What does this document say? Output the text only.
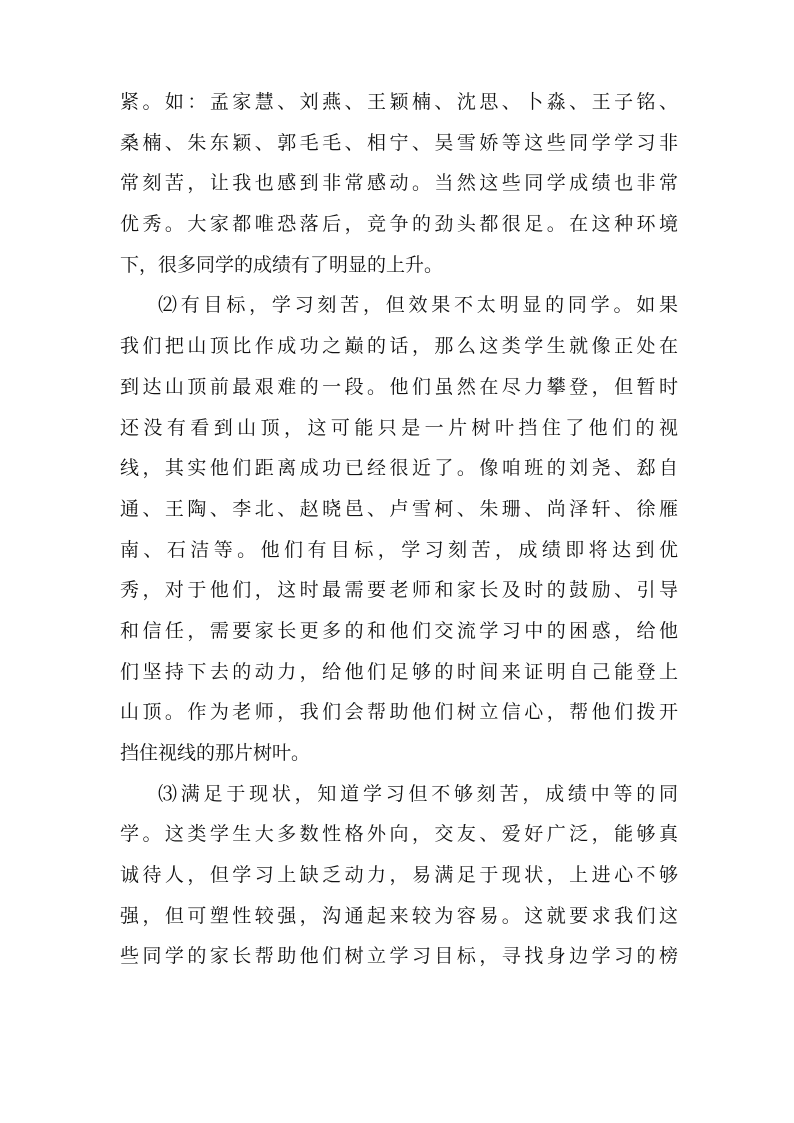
紧。如：孟家慧、刘燕、王颖楠、沈思、卜淼、王子铭、
桑楠、朱东颖、郭毛毛、相宁、吴雪娇等这些同学学习非
常刻苦，让我也感到非常感动。当然这些同学成绩也非常
优秀。大家都唯恐落后，竞争的劲头都很足。在这种环境
下，很多同学的成绩有了明显的上升。
⑵有目标，学习刻苦，但效果不太明显的同学。如果
我们把山顶比作成功之巅的话，那么这类学生就像正处在
到达山顶前最艰难的一段。他们虽然在尽力攀登，但暂时
还没有看到山顶，这可能只是一片树叶挡住了他们的视
线，其实他们距离成功已经很近了。像咱班的刘尧、郄自
通、王陶、李北、赵晓邑、卢雪柯、朱珊、尚泽轩、徐雁
南、石洁等。他们有目标，学习刻苦，成绩即将达到优
秀，对于他们，这时最需要老师和家长及时的鼓励、引导
和信任，需要家长更多的和他们交流学习中的困惑，给他
们坚持下去的动力，给他们足够的时间来证明自己能登上
山顶。作为老师，我们会帮助他们树立信心，帮他们拨开
挡住视线的那片树叶。
⑶满足于现状，知道学习但不够刻苦，成绩中等的同
学。这类学生大多数性格外向，交友、爱好广泛，能够真
诚待人，但学习上缺乏动力，易满足于现状，上进心不够
强，但可塑性较强，沟通起来较为容易。这就要求我们这
些同学的家长帮助他们树立学习目标，寻找身边学习的榜
